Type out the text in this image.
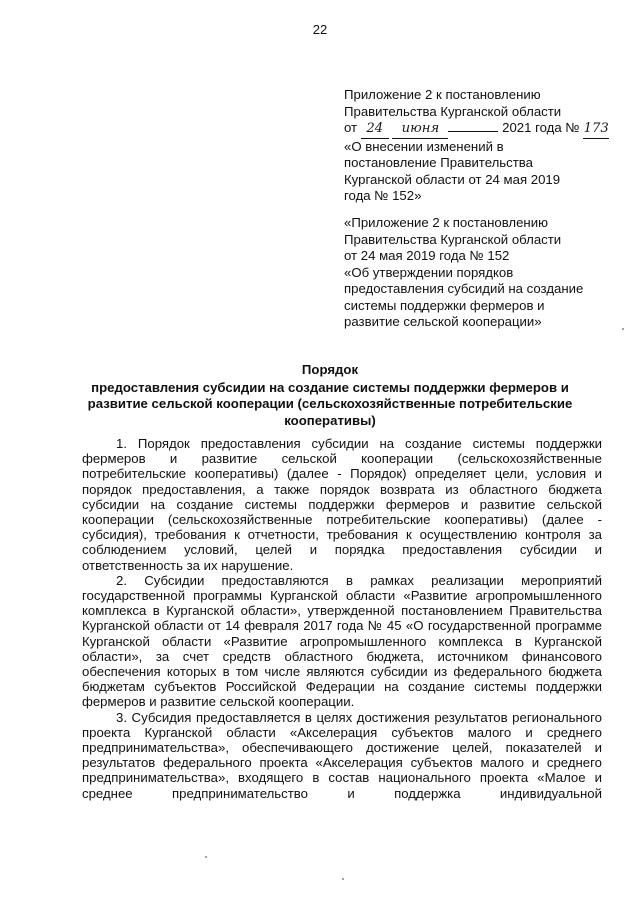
22
Приложение 2 к постановлению
Правительства Курганской области
от 24 июня	2021 года № 173
«О внесении изменений в
постановление Правительства
Курганской области от 24 мая 2019
года № 152»
«Приложение 2 к постановлению
Правительства Курганской области
от 24 мая 2019 года № 152
«Об утверждении порядков
предоставления субсидий на создание
системы поддержки фермеров и
развитие сельской кооперации»
Порядок
предоставления субсидии на создание системы поддержки фермеров и
развитие сельской кооперации (сельскохозяйственные потребительские
кооперативы)

1. Порядок предоставления субсидии на создание системы поддержки фермеров и развитие сельской кооперации (сельскохозяйственные потребительские кооперативы) (далее - Порядок) определяет цели, условия и порядок предоставления, а также порядок возврата из областного бюджета субсидии на создание системы поддержки фермеров и развитие сельской кооперации (сельскохозяйственные потребительские кооперативы) (далее - субсидия), требования к отчетности, требования к осуществлению контроля за соблюдением условий, целей и порядка предоставления субсидии и ответственность за их нарушение.

2. Субсидии предоставляются в рамках реализации мероприятий государственной программы Курганской области «Развитие агропромышленного комплекса в Курганской области», утвержденной постановлением Правительства Курганской области от 14 февраля 2017 года № 45 «О государственной программе Курганской области «Развитие агропромышленного комплекса в Курганской области», за счет средств областного бюджета, источником финансового обеспечения которых в том числе являются субсидии из федерального бюджета бюджетам субъектов Российской Федерации на создание системы поддержки фермеров и развитие сельской кооперации.

3. Субсидия предоставляется в целях достижения результатов регионального проекта Курганской области «Акселерация субъектов малого и среднего предпринимательства», обеспечивающего достижение целей, показателей и результатов федерального проекта «Акселерация субъектов малого и среднего предпринимательства», входящего в состав национального проекта «Малое и среднее предпринимательство и поддержка индивидуальной
